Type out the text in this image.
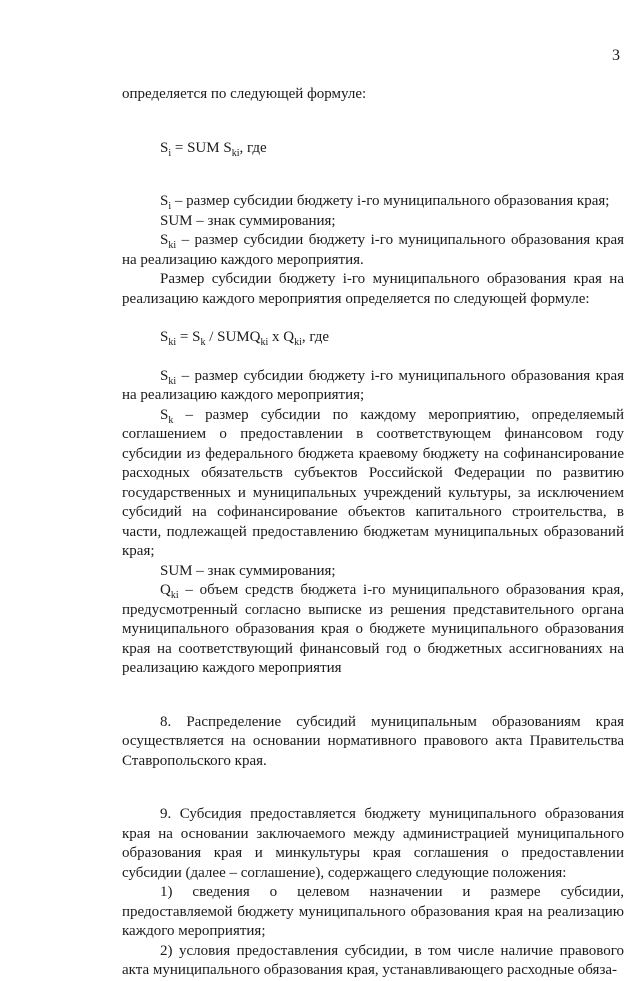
3

определяется по следующей формуле:

$S_i$ = SUM $S_{ki}$, где

$S_i$ – размер субсидии бюджету i-го муниципального образования края;

SUM – знак суммирования;

$S_{ki}$ – размер субсидии бюджету i-го муниципального образования края на реализацию каждого мероприятия.

Размер субсидии бюджету i-го муниципального образования края на реализацию каждого мероприятия определяется по следующей формуле:

$S_{ki} = S_k$ / $SUMQ_{ki}$ x $Q_{ki}$, где

$S_{ki}$ – размер субсидии бюджету i-го муниципального образования края на реализацию каждого мероприятия;

$S_k$ – размер субсидии по каждому мероприятию, определяемый соглашением о предоставлении в соответствующем финансовом году субсидии из федерального бюджета краевому бюджету на софинансирование расходных обязательств субъектов Российской Федерации по развитию государственных и муниципальных учреждений культуры, за исключением субсидий на софинансирование объектов капитального строительства, в части, подлежащей предоставлению бюджетам муниципальных образований края;

SUM – знак суммирования;

$Q_{ki}$ – объем средств бюджета i-го муниципального образования края, предусмотренный согласно выписке из решения представительного органа муниципального образования края о бюджете муниципального образования края на соответствующий финансовый год о бюджетных ассигнованиях на реализацию каждого мероприятия

8. Распределение субсидий муниципальным образованиям края осуществляется на основании нормативного правового акта Правительства Ставропольского края.

9. Субсидия предоставляется бюджету муниципального образования края на основании заключаемого между администрацией муниципального образования края и минкультуры края соглашения о предоставлении субсидии (далее – соглашение), содержащего следующие положения:

1) сведения о целевом назначении и размере субсидии, предоставляемой бюджету муниципального образования края на реализацию каждого мероприятия;

2) условия предоставления субсидии, в том числе наличие правового акта муниципального образования края, устанавливающего расходные обяза-
